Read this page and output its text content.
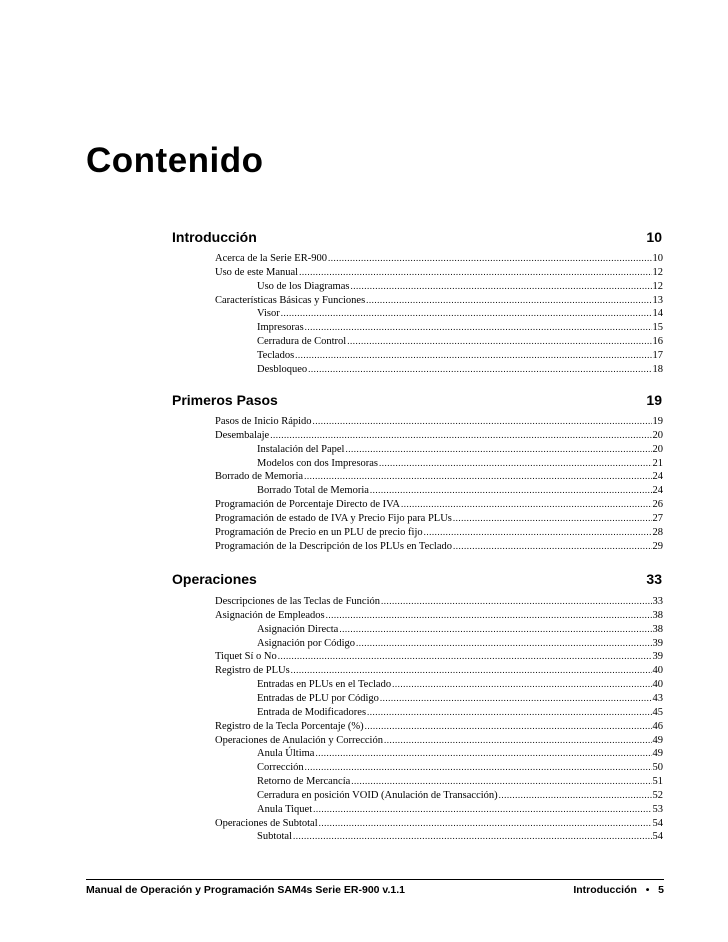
Contenido
Introducción	10
Acerca de la Serie ER-900 .....	10
Uso de este Manual .....	12
Uso de los Diagramas .....	12
Características Básicas y Funciones .....	13
Visor .....	14
Impresoras .....	15
Cerradura de Control .....	16
Teclados .....	17
Desbloqueo .....	18
Primeros Pasos	19
Pasos de Inicio Rápido .....	19
Desembalaje .....	20
Instalación del Papel .....	20
Modelos con dos Impresoras .....	21
Borrado de Memoria .....	24
Borrado Total de Memoria .....	24
Programación de Porcentaje Directo de IVA .....	26
Programación de estado de IVA y Precio Fijo para PLUs .....	27
Programación de Precio en un PLU de precio fijo .....	28
Programación de la Descripción de los PLUs en Teclado .....	29
Operaciones	33
Descripciones de las Teclas de Función .....	33
Asignación de Empleados .....	38
Asignación Directa .....	38
Asignación por Código .....	39
Tiquet Sí o No .....	39
Registro de PLUs .....	40
Entradas en PLUs en el Teclado .....	40
Entradas de PLU por Código .....	43
Entrada de Modificadores .....	45
Registro de la Tecla Porcentaje (%) .....	46
Operaciones de Anulación y Corrección .....	49
Anula Última .....	49
Corrección .....	50
Retorno de Mercancía .....	51
Cerradura en posición VOID (Anulación de Transacción) .....	52
Anula Tiquet .....	53
Operaciones de Subtotal .....	54
Subtotal .....	54
Manual de Operación y Programación SAM4s Serie ER-900 v.1.1	Introducción • 5
